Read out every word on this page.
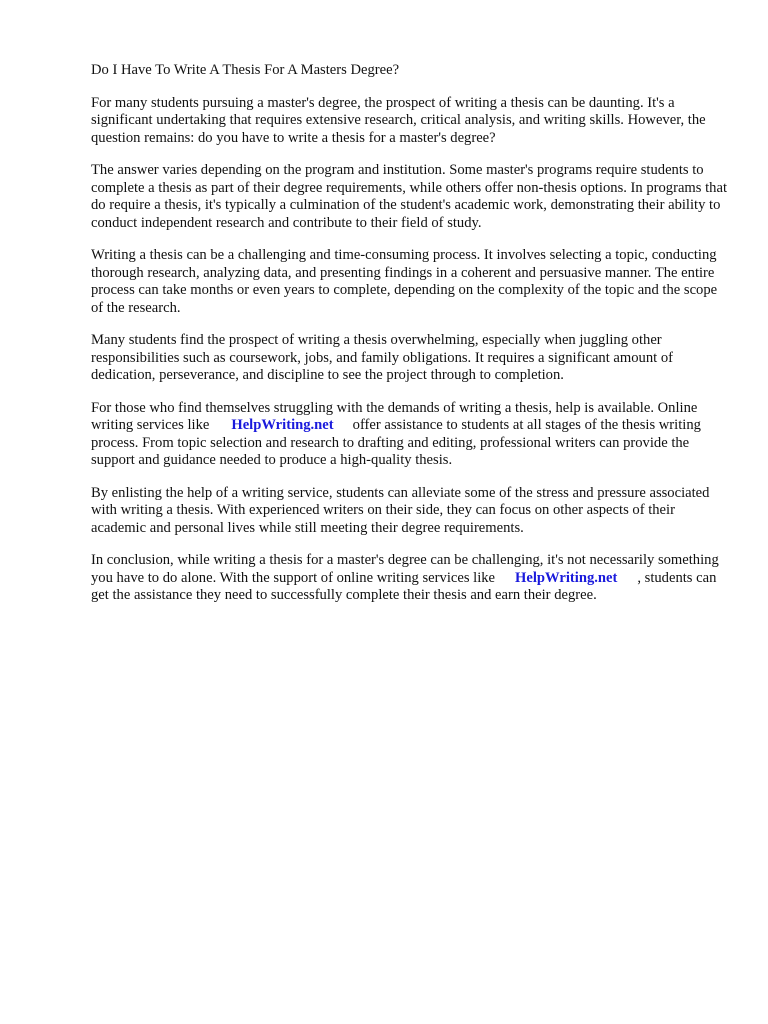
Do I Have To Write A Thesis For A Masters Degree?

For many students pursuing a master's degree, the prospect of writing a thesis can be daunting. It's a significant undertaking that requires extensive research, critical analysis, and writing skills. However, the question remains: do you have to write a thesis for a master's degree?

The answer varies depending on the program and institution. Some master's programs require students to complete a thesis as part of their degree requirements, while others offer non-thesis options. In programs that do require a thesis, it's typically a culmination of the student's academic work, demonstrating their ability to conduct independent research and contribute to their field of study.

Writing a thesis can be a challenging and time-consuming process. It involves selecting a topic, conducting thorough research, analyzing data, and presenting findings in a coherent and persuasive manner. The entire process can take months or even years to complete, depending on the complexity of the topic and the scope of the research.

Many students find the prospect of writing a thesis overwhelming, especially when juggling other responsibilities such as coursework, jobs, and family obligations. It requires a significant amount of dedication, perseverance, and discipline to see the project through to completion.

For those who find themselves struggling with the demands of writing a thesis, help is available. Online writing services like HelpWriting.net offer assistance to students at all stages of the thesis writing process. From topic selection and research to drafting and editing, professional writers can provide the support and guidance needed to produce a high-quality thesis.

By enlisting the help of a writing service, students can alleviate some of the stress and pressure associated with writing a thesis. With experienced writers on their side, they can focus on other aspects of their academic and personal lives while still meeting their degree requirements.

In conclusion, while writing a thesis for a master's degree can be challenging, it's not necessarily something you have to do alone. With the support of online writing services like HelpWriting.net , students can get the assistance they need to successfully complete their thesis and earn their degree.
